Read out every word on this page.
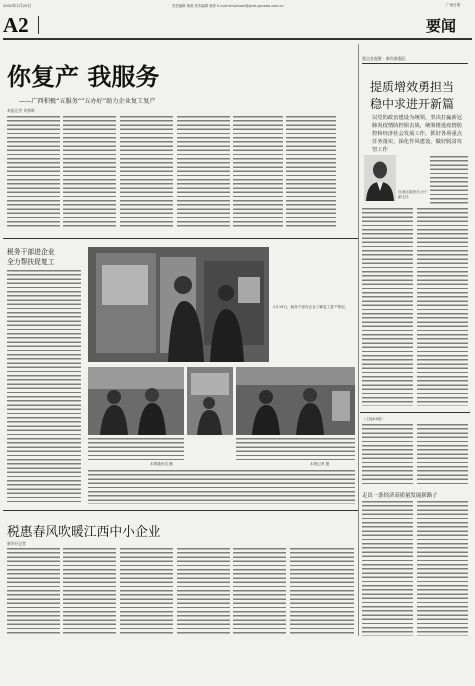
2020年2月20日	责任编辑 黄燕 美术编辑 黄婷 E-mail:shuzhuan@gxrb.gxnews.com.cn	广西日报
A2	要闻
你复产 我服务
——广西积极“五服务”“五办好”助力企业复工复产
本报记者 刘春晖
重点长视野 · 新年新强区
提质增效勇担当
稳中求进开新篇
以党的政治建设为统领，坚决打赢新冠肺炎疫情防控阻击战，统筹推进疫情防控和经济社会发展工作，抓好各项重点任务落实，深化作风建设，做好脱贫攻坚工作
自治区政府办公厅副主任
税务干部进企业
全力帮扶促复工
2月19日，税务干部在企业了解复工复产情况。
本报通讯员 摄	本报记者 摄
税惠春风吹暖江西中小企业
新华社记者
（上接A1版）
走出一条经济高质量发展新路子
